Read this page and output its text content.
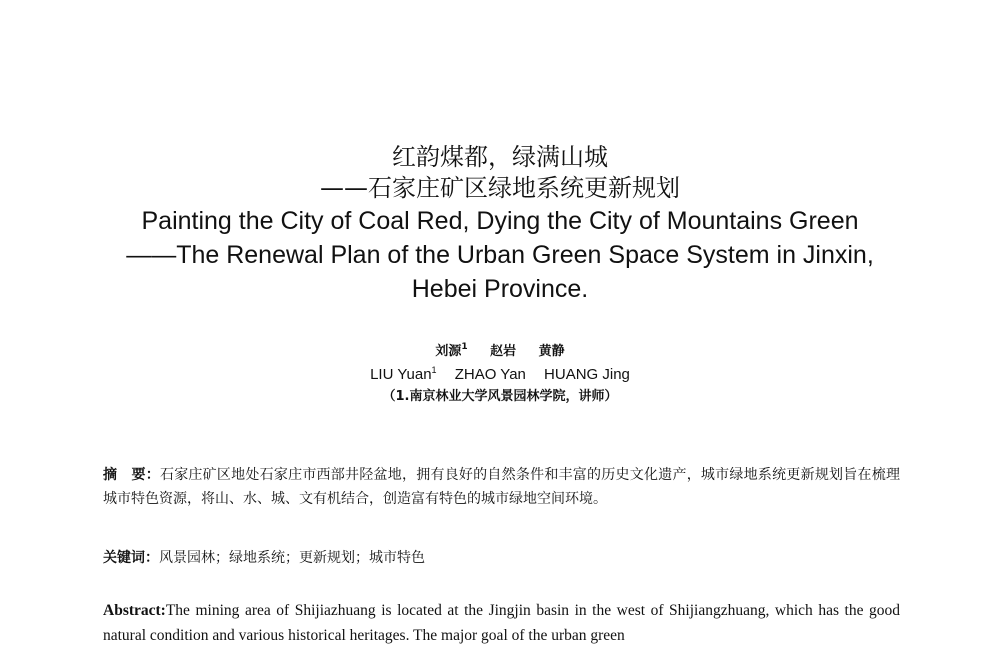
红韵煤都，绿满山城
——石家庄矿区绿地系统更新规划
Painting the City of Coal Red, Dying the City of Mountains Green
——The Renewal Plan of the Urban Green Space System in Jinxin,
Hebei Province.
刘源$^1$ 赵岩 黄静
LIU Yuan$^1$ ZHAO Yan HUANG Jing
（1.南京林业大学风景园林学院，讲师）
摘　要：石家庄矿区地处石家庄市西部井陉盆地，拥有良好的自然条件和丰富的历史文化遗产，城市绿地系统更新规划旨在梳理城市特色资源，将山、水、城、文有机结合，创造富有特色的城市绿地空间环境。
关键词：风景园林；绿地系统；更新规划；城市特色
Abstract:The mining area of Shijiazhuang is located at the Jingjin basin in the west of Shijiangzhuang, which has the good natural condition and various historical heritages. The major goal of the urban green
